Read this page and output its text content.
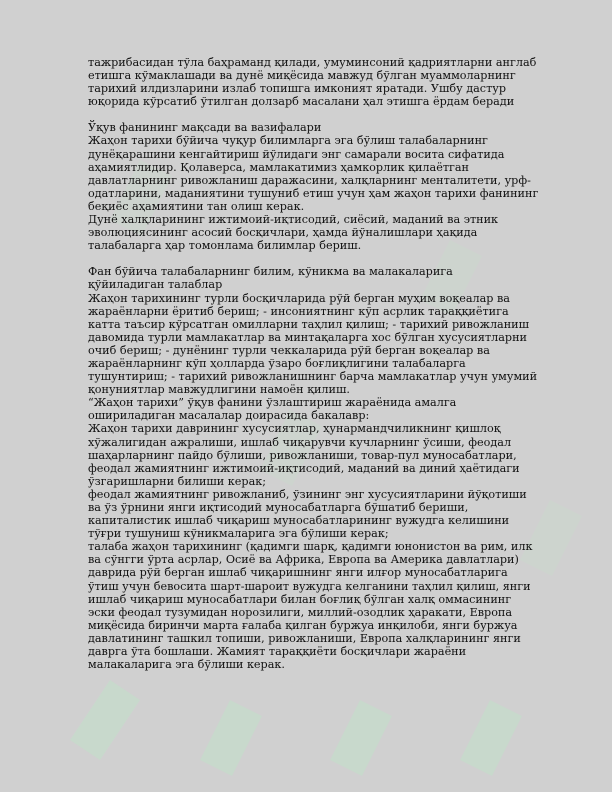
тажрибасидан тўла баҳраманд қилади, умуминсоний қадриятларни англаб
етишга кўмаклашади ва дунё миқёсида мавжуд бўлган муаммоларнинг
тарихий илдизларини излаб топишга имконият яратади. Ушбу дастур
юқорида кўрсатиб ўтилган долзарб масалани ҳал этишга ёрдам беради

Ўқув фанининг мақсади ва вазифалари
Жаҳон тарихи бўйича чуқур билимларга эга бўлиш талабаларнинг
дунёқарашини кенгайтириш йўлидаги энг самарали восита сифатида
аҳамиятлидир. Қолаверса, мамлакатимиз ҳамкорлик қилаётган
давлатларнинг ривожланиш даражасини, халқларнинг менталитети, урф-
одатларини, маданиятини тушуниб етиш учун ҳам жаҳон тарихи фанининг
беқиёс аҳамиятини тан олиш керак.
Дунё халқларининг ижтимоий-иқтисодий, сиёсий, маданий ва этник
эволюциясининг асосий босқичлари, ҳамда йўналишлари ҳақида
талабаларга ҳар томонлама билимлар бериш.

Фан бўйича талабаларнинг билим, кўникма ва малакаларига
қўйиладиган талаблар
Жаҳон тарихининг турли босқичларида рўй берган муҳим воқеалар ва
жараёнларни ёритиб бериш; - инсониятнинг кўп асрлик тараққиётига
катта таъсир кўрсатган омилларни таҳлил қилиш; - тарихий ривожланиш
давомида турли мамлакатлар ва минтақаларга хос бўлган хусусиятларни
очиб бериш; - дунёнинг турли чеккаларида рўй берган воқеалар ва
жараёнларнинг кўп ҳолларда ўзаро боғлиқлигини талабаларга
тушунтириш; - тарихий ривожланишнинг барча мамлакатлар учун умумий
қонуниятлар мавжудлигини намоён қилиш.
“Жаҳон тарихи” ўқув фанини ўзлаштириш жараёнида амалга
ошириладиган масалалар доирасида бакалавр:
Жаҳон тарихи даврининг хусусиятлар, ҳунармандчиликнинг қишлоқ
хўжалигидан ажралиши, ишлаб чиқарувчи кучларнинг ўсиши, феодал
шаҳарларнинг пайдо бўлиши, ривожланиши, товар-пул муносабатлари,
феодал жамиятнинг ижтимоий-иқтисодий, маданий ва диний ҳаётидаги
ўзгаришларни билиши керак;
феодал жамиятнинг ривожланиб, ўзининг энг хусусиятларини йўқотиши
ва ўз ўрнини янги иқтисодий муносабатларга бўшатиб бериши,
капиталистик ишлаб чиқариш муносабатларининг вужудга келишини
тўғри тушуниш кўникмаларига эга бўлиши керак;
талаба жаҳон тарихининг (қадимги шарқ, қадимги юнонистон ва рим, илк
ва сўнгги ўрта асрлар, Осиё ва Африка, Европа ва Америка давлатлари)
даврида рўй берган ишлаб чиқаришнинг янги илғор муносабатларига
ўтиш учун бевосита шарт-шароит вужудга келганини таҳлил қилиш, янги
ишлаб чиқариш муносабатлари билан боғлиқ бўлган халқ оммасининг
эски феодал тузумидан норозилиги, миллий-озодлик ҳаракати, Европа
миқёсида биринчи марта ғалаба қилган буржуа инқилоби, янги буржуа
давлатининг ташкил топиши, ривожланиши, Европа халқларининг янги
даврга ўта бошлаши. Жамият тараққиёти босқичлари жараёни
малакаларига эга бўлиши керак.
